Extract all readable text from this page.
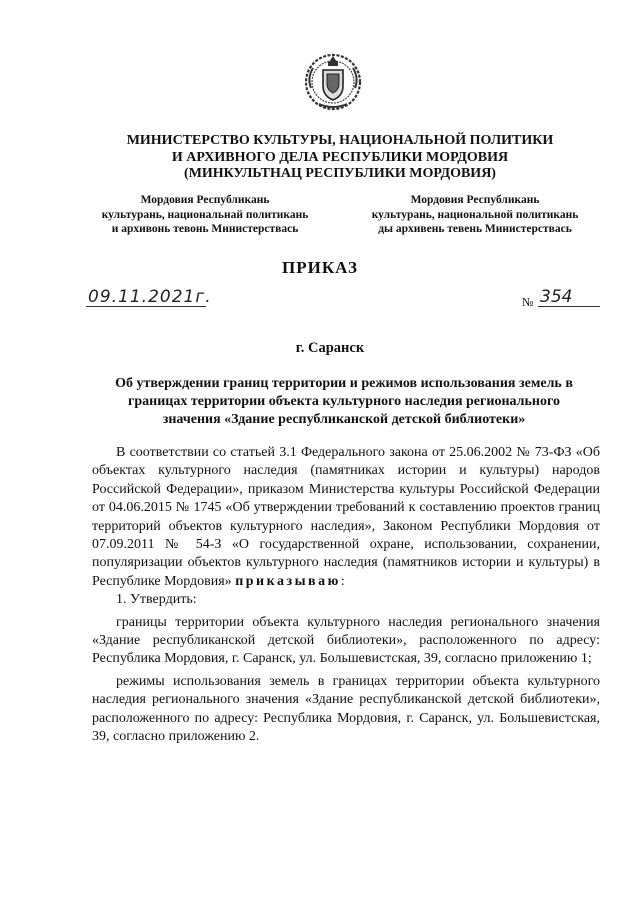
МИНИСТЕРСТВО КУЛЬТУРЫ, НАЦИОНАЛЬНОЙ ПОЛИТИКИ
И АРХИВНОГО ДЕЛА РЕСПУБЛИКИ МОРДОВИЯ
(МИНКУЛЬТНАЦ РЕСПУБЛИКИ МОРДОВИЯ)
Мордовия Республикань
культурань, национальнай политикань
и архивонь тевонь Министерствась
Мордовия Республикань
культурань, национальной политикань
ды архивень тевень Министерствась
ПРИКАЗ
09.11.2021г.	№ 354
г. Саранск
Об утверждении границ территории и режимов использования земель в
границах территории объекта культурного наследия регионального
значения «Здание республиканской детской библиотеки»
В соответствии со статьей 3.1 Федерального закона от 25.06.2002 № 73-ФЗ «Об объектах культурного наследия (памятниках истории и культуры) народов Российской Федерации», приказом Министерства культуры Российской Федерации от 04.06.2015 № 1745 «Об утверждении требований к составлению проектов границ территорий объектов культурного наследия», Законом Республики Мордовия от 07.09.2011 № 54-З «О государственной охране, использовании, сохранении, популяризации объектов культурного наследия (памятников истории и культуры) в Республике Мордовия» приказываю:
1. Утвердить:
границы территории объекта культурного наследия регионального значения «Здание республиканской детской библиотеки», расположенного по адресу: Республика Мордовия, г. Саранск, ул. Большевистская, 39, согласно приложению 1;
режимы использования земель в границах территории объекта культурного наследия регионального значения «Здание республиканской детской библиотеки», расположенного по адресу: Республика Мордовия, г. Саранск, ул. Большевистская, 39, согласно приложению 2.
